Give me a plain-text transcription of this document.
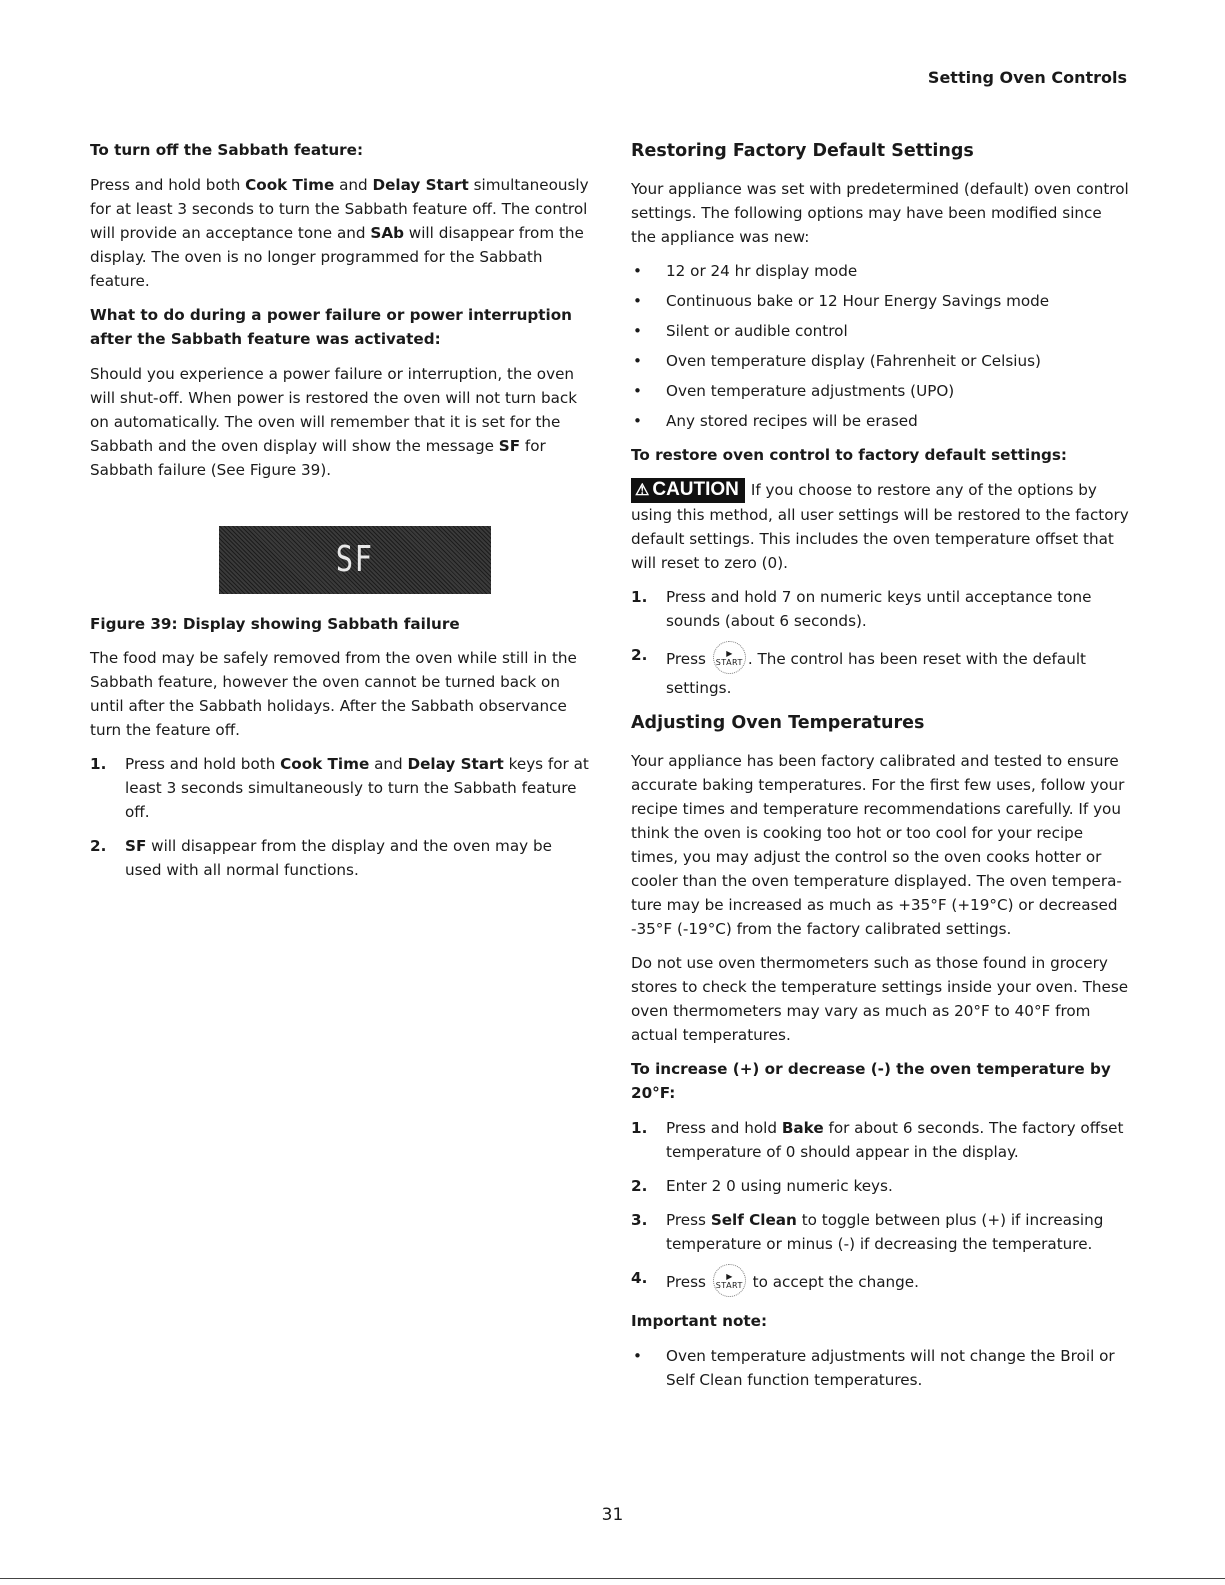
Setting Oven Controls
To turn off the Sabbath feature:

Press and hold both Cook Time and Delay Start simultaneously for at least 3 seconds to turn the Sabbath feature off. The control will provide an acceptance tone and SAb will disappear from the display. The oven is no longer programmed for the Sabbath feature.

What to do during a power failure or power interruption after the Sabbath feature was activated:

Should you experience a power failure or interruption, the oven will shut-off. When power is restored the oven will not turn back on automatically. The oven will remember that it is set for the Sabbath and the oven display will show the message SF for Sabbath failure (See Figure 39).

SF
Figure 39: Display showing Sabbath failure

The food may be safely removed from the oven while still in the Sabbath feature, however the oven cannot be turned back on until after the Sabbath holidays. After the Sabbath observance turn the feature off.

1. Press and hold both Cook Time and Delay Start keys for at least 3 seconds simultaneously to turn the Sabbath feature off.
2. SF will disappear from the display and the oven may be used with all normal functions.
Restoring Factory Default Settings

Your appliance was set with predetermined (default) oven control settings. The following options may have been modified since the appliance was new:

• 12 or 24 hr display mode
• Continuous bake or 12 Hour Energy Savings mode
• Silent or audible control
• Oven temperature display (Fahrenheit or Celsius)
• Oven temperature adjustments (UPO)
• Any stored recipes will be erased
To restore oven control to factory default settings:

⚠ CAUTION If you choose to restore any of the options by using this method, all user settings will be restored to the factory default settings. This includes the oven temperature offset that will reset to zero (0).

1. Press and hold 7 on numeric keys until acceptance tone sounds (about 6 seconds).
2. Press ▶
START . The control has been reset with the default settings.
Adjusting Oven Temperatures

Your appliance has been factory calibrated and tested to ensure accurate baking temperatures. For the first few uses, follow your recipe times and temperature recommendations carefully. If you think the oven is cooking too hot or too cool for your recipe times, you may adjust the control so the oven cooks hotter or cooler than the oven temperature displayed. The oven tempera-ture may be increased as much as +35°F (+19°C) or decreased -35°F (-19°C) from the factory calibrated settings.

Do not use oven thermometers such as those found in grocery stores to check the temperature settings inside your oven. These oven thermometers may vary as much as 20°F to 40°F from actual temperatures.

To increase (+) or decrease (-) the oven temperature by 20°F:
1. Press and hold Bake for about 6 seconds. The factory offset temperature of 0 should appear in the display.
2. Enter 2 0 using numeric keys.
3. Press Self Clean to toggle between plus (+) if increasing temperature or minus (-) if decreasing the temperature.
4. Press ▶
START to accept the change.
Important note:
• Oven temperature adjustments will not change the Broil or Self Clean function temperatures.
31
